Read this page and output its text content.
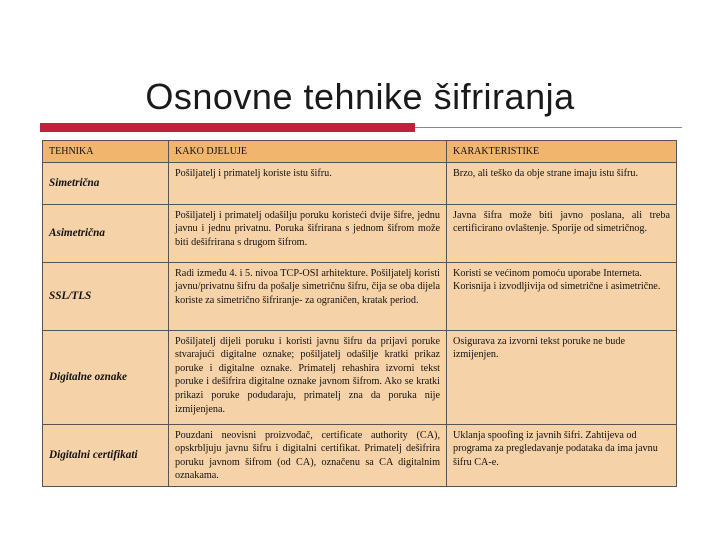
Osnovne tehnike šifriranja
TEHNIKA	KAKO DJELUJE	KARAKTERISTIKE
Simetrična	Pošiljatelj i primatelj koriste istu šifru.	Brzo, ali teško da obje strane imaju istu šifru.
Asimetrična	Pošiljatelj i primatelj odašilju poruku koristeći dvije šifre, jednu javnu i jednu privatnu. Poruka šifrirana s jednom šifrom može biti dešifrirana s drugom šifrom.	Javna šifra može biti javno poslana, ali treba certificirano ovlaštenje. Sporije od simetričnog.
SSL/TLS	Radi između 4. i 5. nivoa TCP-OSI arhitekture. Pošiljatelj koristi javnu/privatnu šifru da pošalje simetričnu šifru, čija se oba dijela koriste za simetrično šifriranje- za ograničen, kratak period.	Koristi se većinom pomoću uporabe Interneta. Korisnija i izvodljivija od simetrične i asimetrične.
Digitalne oznake	Pošiljatelj dijeli poruku i koristi javnu šifru da prijavi poruke stvarajući digitalne oznake; pošiljatelj odašilje kratki prikaz poruke i digitalne oznake. Primatelj rehashira izvorni tekst poruke i dešifrira digitalne oznake javnom šifrom. Ako se kratki prikazi poruke podudaraju, primatelj zna da poruka nije izmijenjena.	Osigurava za izvorni tekst poruke ne bude izmijenjen.
Digitalni certifikati	Pouzdani neovisni proizvođač, certificate authority (CA), opskrbljuju javnu šifru i digitalni certifikat. Primatelj dešifrira poruku javnom šifrom (od CA), označenu sa CA digitalnim oznakama.	Uklanja spoofing iz javnih šifri. Zahtijeva od programa za pregledavanje podataka da ima javnu šifru CA-e.
